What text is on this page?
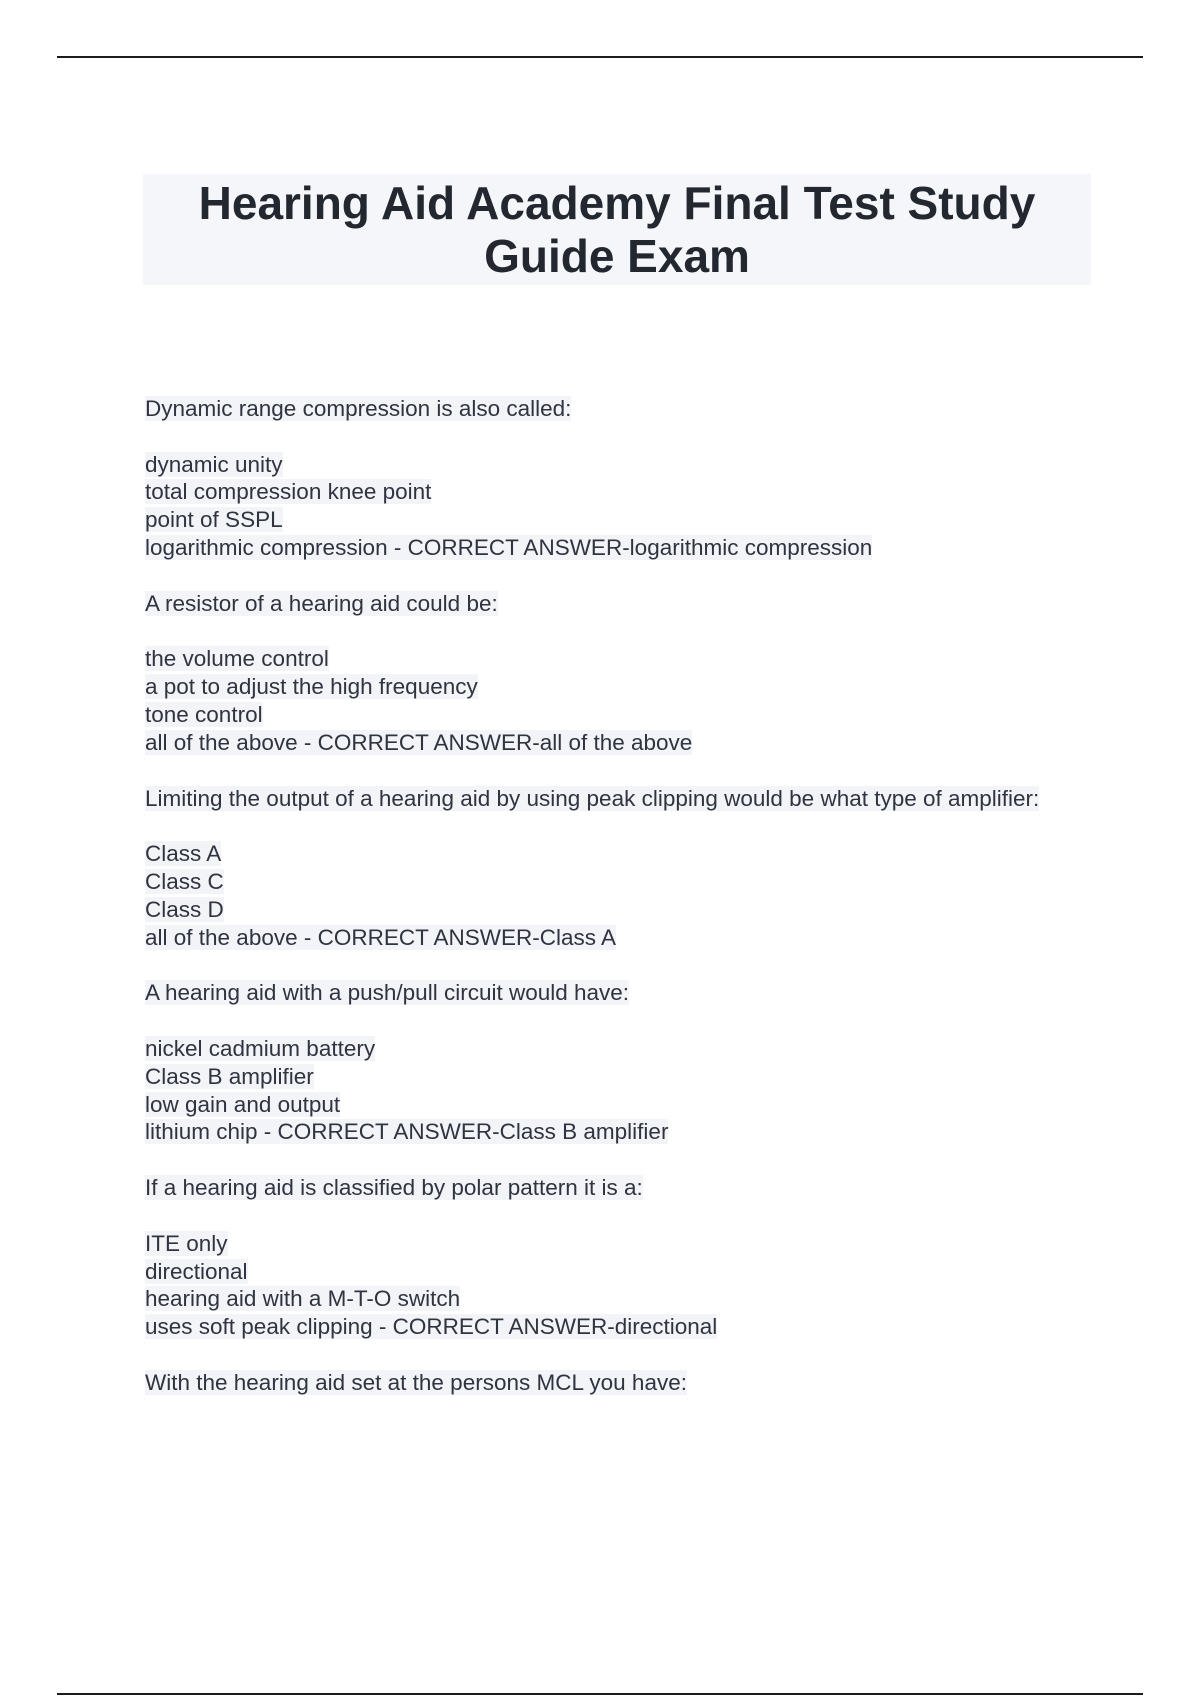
Hearing Aid Academy Final Test Study Guide Exam
Dynamic range compression is also called:
dynamic unity
total compression knee point
point of SSPL
logarithmic compression - CORRECT ANSWER-logarithmic compression
A resistor of a hearing aid could be:
the volume control
a pot to adjust the high frequency
tone control
all of the above - CORRECT ANSWER-all of the above
Limiting the output of a hearing aid by using peak clipping would be what type of amplifier:
Class A
Class C
Class D
all of the above - CORRECT ANSWER-Class A
A hearing aid with a push/pull circuit would have:
nickel cadmium battery
Class B amplifier
low gain and output
lithium chip - CORRECT ANSWER-Class B amplifier
If a hearing aid is classified by polar pattern it is a:
ITE only
directional
hearing aid with a M-T-O switch
uses soft peak clipping - CORRECT ANSWER-directional
With the hearing aid set at the persons MCL you have:
